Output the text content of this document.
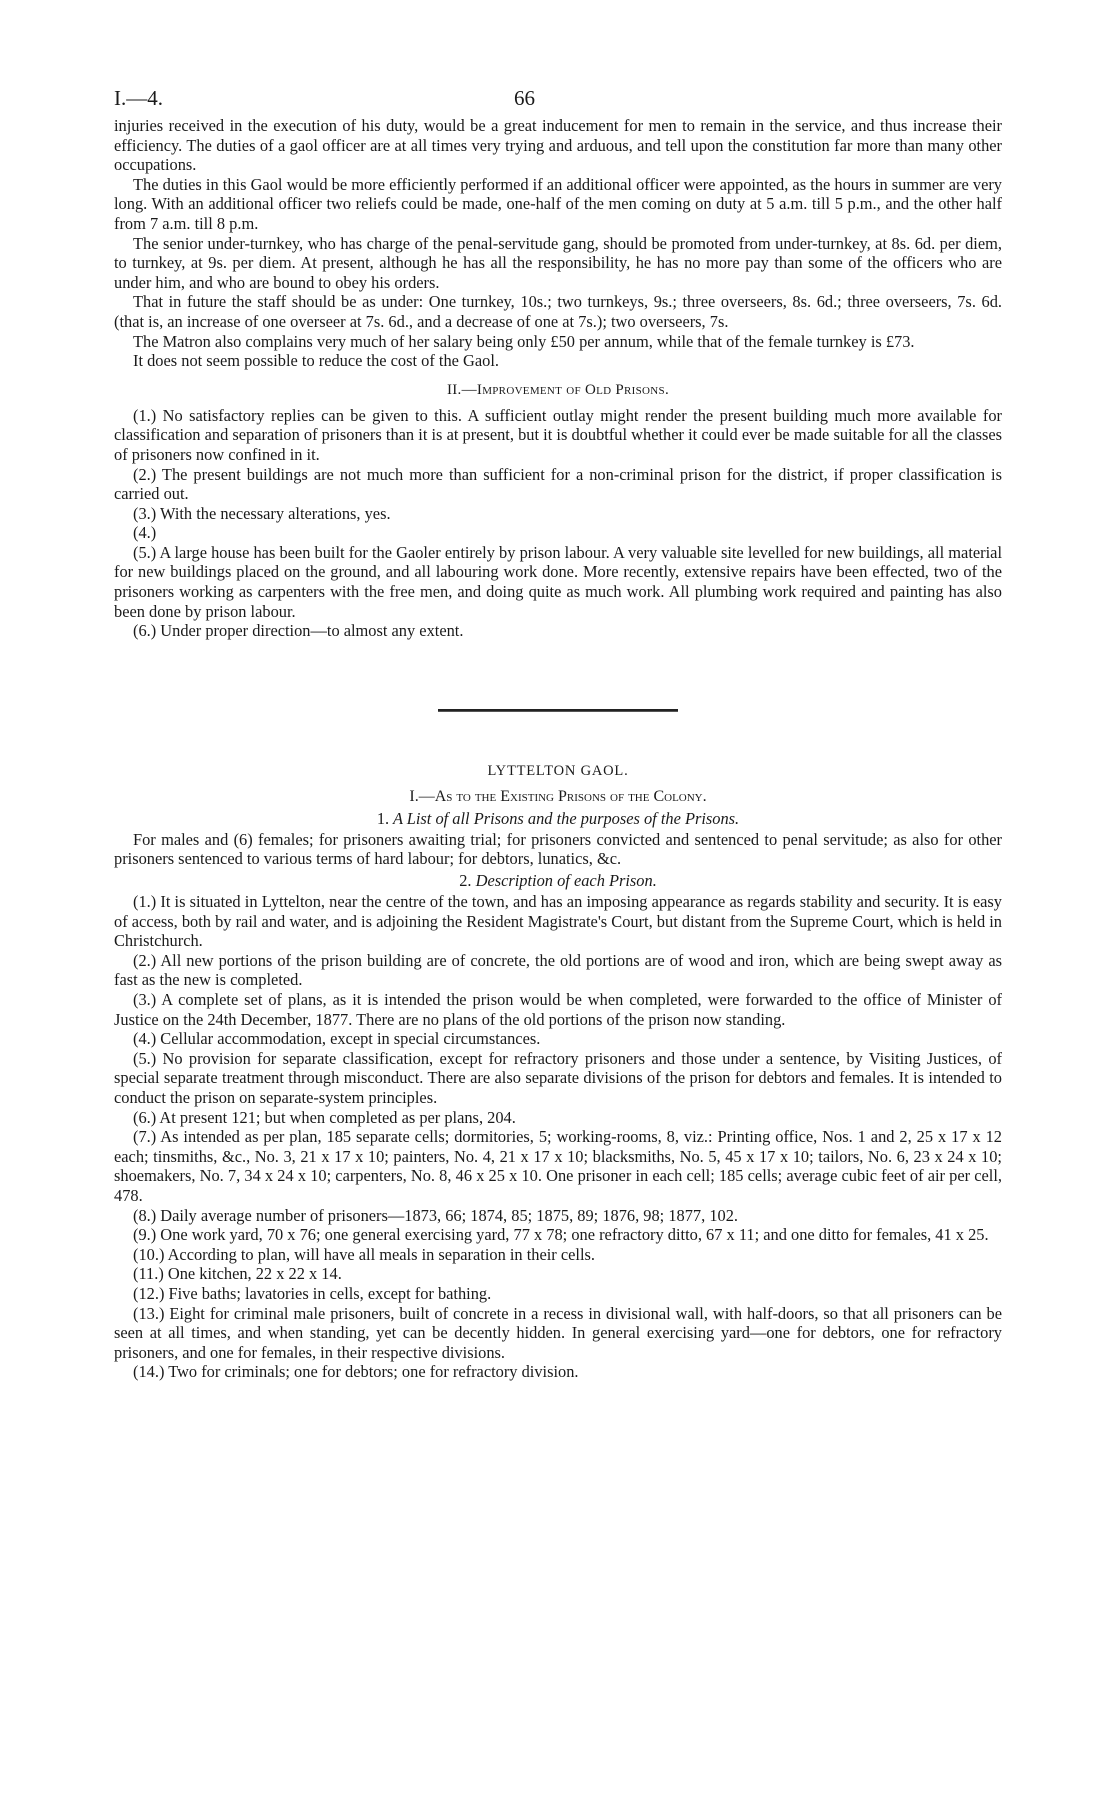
I.—4.	66

injuries received in the execution of his duty, would be a great inducement for men to remain in the service, and thus increase their efficiency. The duties of a gaol officer are at all times very trying and arduous, and tell upon the constitution far more than many other occupations.

The duties in this Gaol would be more efficiently performed if an additional officer were appointed, as the hours in summer are very long. With an additional officer two reliefs could be made, one-half of the men coming on duty at 5 a.m. till 5 p.m., and the other half from 7 a.m. till 8 p.m.

The senior under-turnkey, who has charge of the penal-servitude gang, should be promoted from under-turnkey, at 8s. 6d. per diem, to turnkey, at 9s. per diem. At present, although he has all the responsibility, he has no more pay than some of the officers who are under him, and who are bound to obey his orders.

That in future the staff should be as under: One turnkey, 10s.; two turnkeys, 9s.; three overseers, 8s. 6d.; three overseers, 7s. 6d. (that is, an increase of one overseer at 7s. 6d., and a decrease of one at 7s.); two overseers, 7s.

The Matron also complains very much of her salary being only £50 per annum, while that of the female turnkey is £73.

It does not seem possible to reduce the cost of the Gaol.

II.—Improvement of Old Prisons.

(1.) No satisfactory replies can be given to this. A sufficient outlay might render the present building much more available for classification and separation of prisoners than it is at present, but it is doubtful whether it could ever be made suitable for all the classes of prisoners now confined in it.

(2.) The present buildings are not much more than sufficient for a non-criminal prison for the district, if proper classification is carried out.

(3.) With the necessary alterations, yes.

(4.)

(5.) A large house has been built for the Gaoler entirely by prison labour. A very valuable site levelled for new buildings, all material for new buildings placed on the ground, and all labouring work done. More recently, extensive repairs have been effected, two of the prisoners working as carpenters with the free men, and doing quite as much work. All plumbing work required and painting has also been done by prison labour.

(6.) Under proper direction—to almost any extent.

LYTTELTON GAOL.
I.—As to the Existing Prisons of the Colony.
1. A List of all Prisons and the purposes of the Prisons.

For males and (6) females; for prisoners awaiting trial; for prisoners convicted and sentenced to penal servitude; as also for other prisoners sentenced to various terms of hard labour; for debtors, lunatics, &c.

2. Description of each Prison.

(1.) It is situated in Lyttelton, near the centre of the town, and has an imposing appearance as regards stability and security. It is easy of access, both by rail and water, and is adjoining the Resident Magistrate's Court, but distant from the Supreme Court, which is held in Christchurch.

(2.) All new portions of the prison building are of concrete, the old portions are of wood and iron, which are being swept away as fast as the new is completed.

(3.) A complete set of plans, as it is intended the prison would be when completed, were forwarded to the office of Minister of Justice on the 24th December, 1877. There are no plans of the old portions of the prison now standing.

(4.) Cellular accommodation, except in special circumstances.

(5.) No provision for separate classification, except for refractory prisoners and those under a sentence, by Visiting Justices, of special separate treatment through misconduct. There are also separate divisions of the prison for debtors and females. It is intended to conduct the prison on separate-system principles.

(6.) At present 121; but when completed as per plans, 204.

(7.) As intended as per plan, 185 separate cells; dormitories, 5; working-rooms, 8, viz.: Printing office, Nos. 1 and 2, 25 x 17 x 12 each; tinsmiths, &c., No. 3, 21 x 17 x 10; painters, No. 4, 21 x 17 x 10; blacksmiths, No. 5, 45 x 17 x 10; tailors, No. 6, 23 x 24 x 10; shoemakers, No. 7, 34 x 24 x 10; carpenters, No. 8, 46 x 25 x 10. One prisoner in each cell; 185 cells; average cubic feet of air per cell, 478.

(8.) Daily average number of prisoners—1873, 66; 1874, 85; 1875, 89; 1876, 98; 1877, 102.

(9.) One work yard, 70 x 76; one general exercising yard, 77 x 78; one refractory ditto, 67 x 11; and one ditto for females, 41 x 25.

(10.) According to plan, will have all meals in separation in their cells.

(11.) One kitchen, 22 x 22 x 14.

(12.) Five baths; lavatories in cells, except for bathing.

(13.) Eight for criminal male prisoners, built of concrete in a recess in divisional wall, with half-doors, so that all prisoners can be seen at all times, and when standing, yet can be decently hidden. In general exercising yard—one for debtors, one for refractory prisoners, and one for females, in their respective divisions.

(14.) Two for criminals; one for debtors; one for refractory division.
